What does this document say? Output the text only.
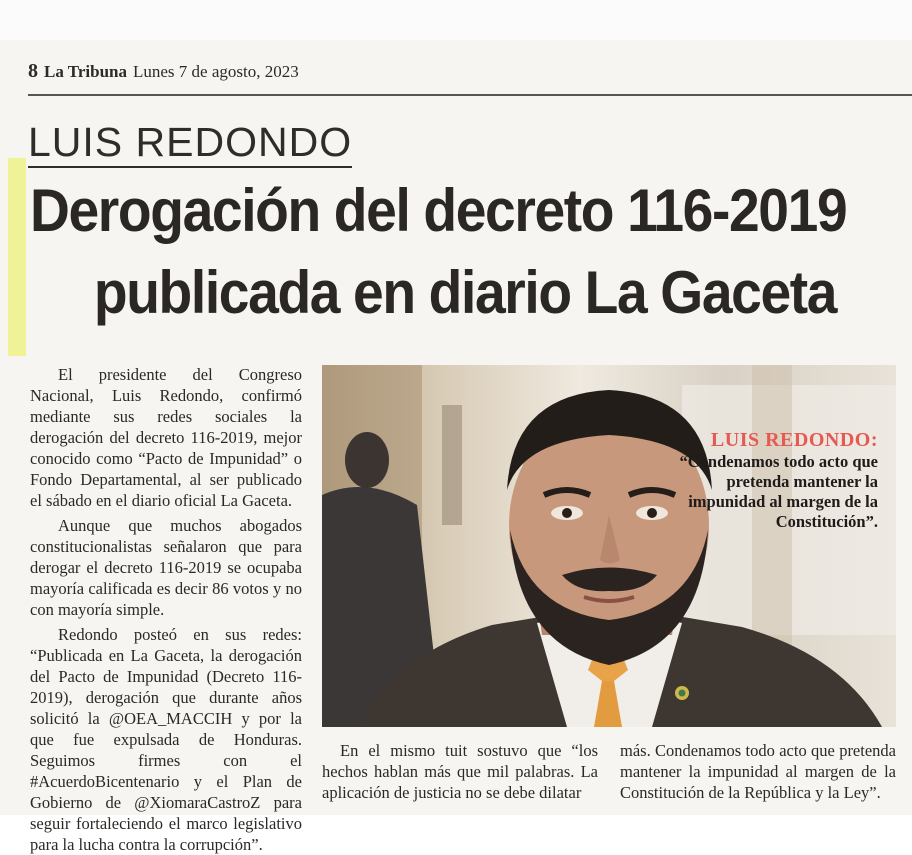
8 La Tribuna Lunes 7 de agosto, 2023
LUIS REDONDO
Derogación del decreto 116-2019
publicada en diario La Gaceta

El presidente del Congreso Nacional, Luis Redondo, confirmó mediante sus redes sociales la derogación del decreto 116-2019, mejor conocido como “Pacto de Impunidad” o Fondo Departamental, al ser publicado el sábado en el diario oficial La Gaceta.

Aunque que muchos abogados constitucionalistas señalaron que para derogar el decreto 116-2019 se ocupaba mayoría calificada es decir 86 votos y no con mayoría simple.

Redondo posteó en sus redes: “Publicada en La Gaceta, la derogación del Pacto de Impunidad (Decreto 116-2019), derogación que durante años solicitó la @OEA_MACCIH y por la que fue expulsada de Honduras. Seguimos firmes con el #AcuerdoBicentenario y el Plan de Gobierno de @XiomaraCastroZ para seguir fortaleciendo el marco legislativo para la lucha contra la corrupción”.

LUIS REDONDO:
“Condenamos todo acto que pretenda mantener la impunidad al margen de la Constitución”.
En el mismo tuit sostuvo que “los hechos hablan más que mil palabras. La aplicación de justicia no se debe dilatar
más. Condenamos todo acto que pretenda mantener la impunidad al margen de la Constitución de la República y la Ley”.
